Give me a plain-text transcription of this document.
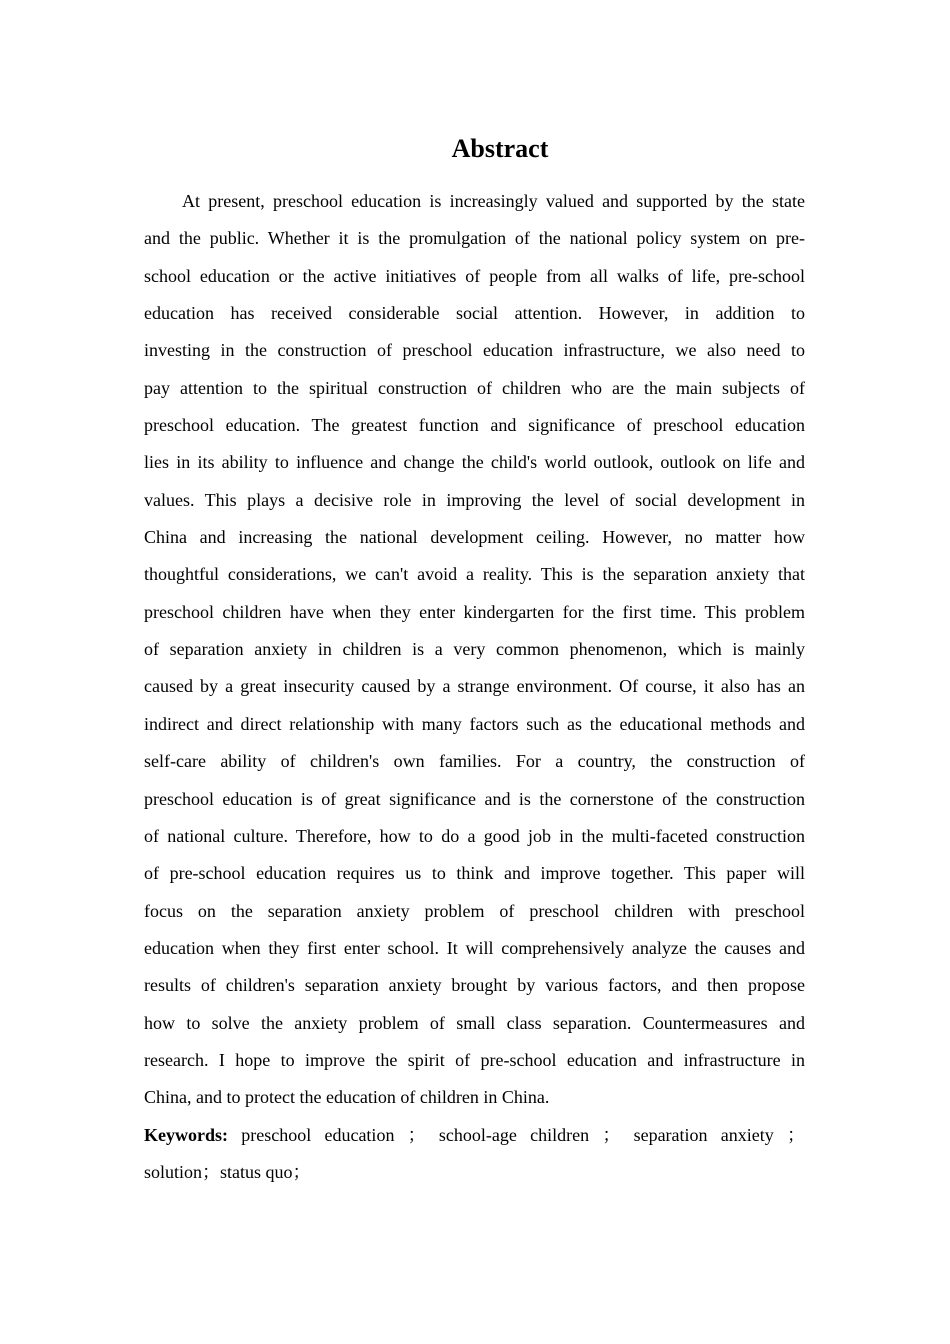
Abstract
At present, preschool education is increasingly valued and supported by the state
and the public. Whether it is the promulgation of the national policy system on pre-
school education or the active initiatives of people from all walks of life, pre-school
education has received considerable social attention. However, in addition to
investing in the construction of preschool education infrastructure, we also need to
pay attention to the spiritual construction of children who are the main subjects of
preschool education. The greatest function and significance of preschool education
lies in its ability to influence and change the child's world outlook, outlook on life and
values. This plays a decisive role in improving the level of social development in
China and increasing the national development ceiling. However, no matter how
thoughtful considerations, we can't avoid a reality. This is the separation anxiety that
preschool children have when they enter kindergarten for the first time. This problem
of separation anxiety in children is a very common phenomenon, which is mainly
caused by a great insecurity caused by a strange environment. Of course, it also has an
indirect and direct relationship with many factors such as the educational methods and
self-care ability of children's own families. For a country, the construction of
preschool education is of great significance and is the cornerstone of the construction
of national culture. Therefore, how to do a good job in the multi-faceted construction
of pre-school education requires us to think and improve together. This paper will
focus on the separation anxiety problem of preschool children with preschool
education when they first enter school. It will comprehensively analyze the causes and
results of children's separation anxiety brought by various factors, and then propose
how to solve the anxiety problem of small class separation. Countermeasures and
research. I hope to improve the spirit of pre-school education and infrastructure in
China, and to protect the education of children in China.
Keywords: preschool education ； school-age children ； separation anxiety ；
solution；status quo；
